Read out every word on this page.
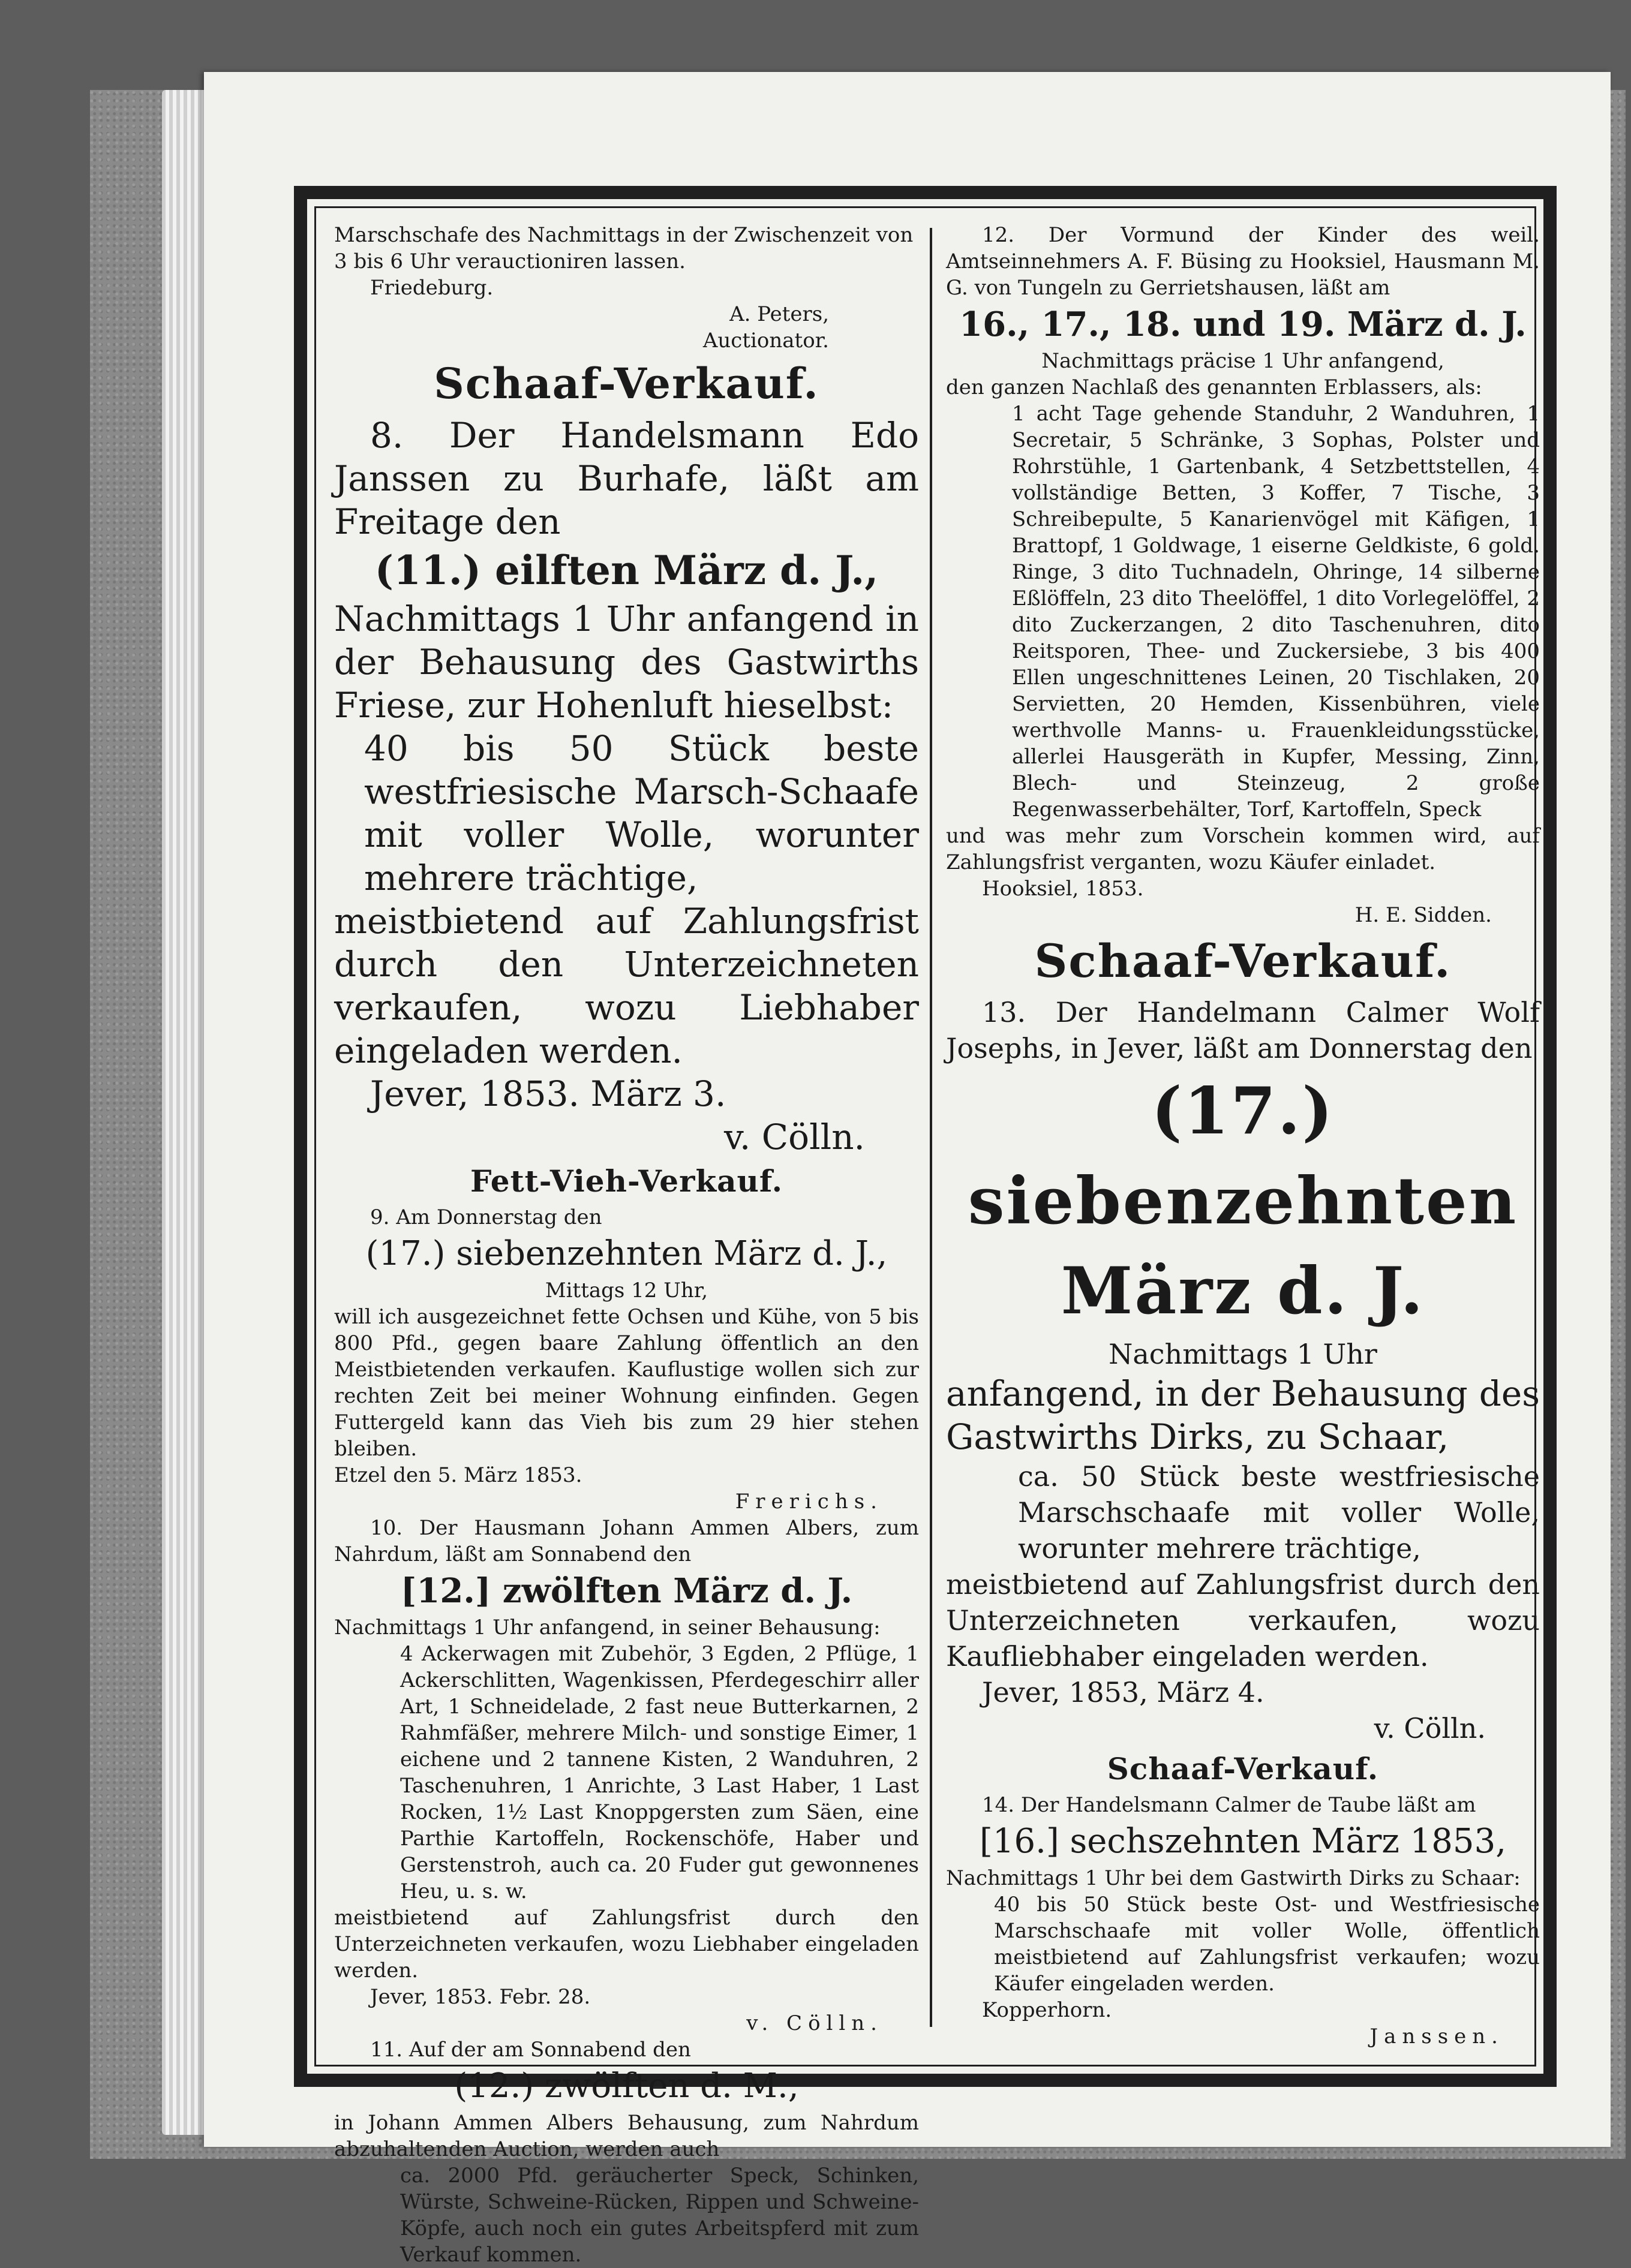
Marschschafe des Nachmittags in der Zwischenzeit von

3 bis 6 Uhr verauctioniren lassen.

Friedeburg.

A. Peters,

Auctionator.

Schaaf-Verkauf.

8. Der Handelsmann Edo Janssen zu Burhafe, läßt am Freitage den

(11.) eilften März d. J.,

Nachmittags 1 Uhr anfangend in der Behausung des Gastwirths Friese, zur Hohenluft hieselbst:

40 bis 50 Stück beste westfriesische Marsch-Schaafe mit voller Wolle, worunter mehrere trächtige,

meistbietend auf Zahlungsfrist durch den Unterzeichneten verkaufen, wozu Liebhaber eingeladen werden.

Jever, 1853. März 3.

v. Cölln.

Fett-Vieh-Verkauf.

9. Am Donnerstag den

(17.) siebenzehnten März d. J.,

Mittags 12 Uhr,

will ich ausgezeichnet fette Ochsen und Kühe, von 5 bis 800 Pfd., gegen baare Zahlung öffentlich an den Meistbietenden verkaufen. Kauflustige wollen sich zur rechten Zeit bei meiner Wohnung einfinden. Gegen Futtergeld kann das Vieh bis zum 29 hier stehen bleiben.

Etzel den 5. März 1853.

Frerichs.

10. Der Hausmann Johann Ammen Albers, zum Nahrdum, läßt am Sonnabend den

[12.] zwölften März d. J.

Nachmittags 1 Uhr anfangend, in seiner Behausung:

4 Ackerwagen mit Zubehör, 3 Egden, 2 Pflüge, 1 Ackerschlitten, Wagenkissen, Pferdegeschirr aller Art, 1 Schneidelade, 2 fast neue Butterkarnen, 2 Rahmfäßer, mehrere Milch- und sonstige Eimer, 1 eichene und 2 tannene Kisten, 2 Wanduhren, 2 Taschenuhren, 1 Anrichte, 3 Last Haber, 1 Last Rocken, 1½ Last Knoppgersten zum Säen, eine Parthie Kartoffeln, Rockenschöfe, Haber und Gerstenstroh, auch ca. 20 Fuder gut gewonnenes Heu, u. s. w.

meistbietend auf Zahlungsfrist durch den Unterzeichneten verkaufen, wozu Liebhaber eingeladen werden.

Jever, 1853. Febr. 28.

v. Cölln.

11. Auf der am Sonnabend den

(12.) zwölften d. M.,

in Johann Ammen Albers Behausung, zum Nahrdum abzuhaltenden Auction, werden auch

ca. 2000 Pfd. geräucherter Speck, Schinken, Würste, Schweine-Rücken, Rippen und Schweine-Köpfe, auch noch ein gutes Arbeitspferd mit zum Verkauf kommen.

12. Der Vormund der Kinder des weil. Amtseinnehmers A. F. Büsing zu Hooksiel, Hausmann M. G. von Tungeln zu Gerrietshausen, läßt am

16., 17., 18. und 19. März d. J.

Nachmittags präcise 1 Uhr anfangend,

den ganzen Nachlaß des genannten Erblassers, als:

1 acht Tage gehende Standuhr, 2 Wanduhren, 1 Secretair, 5 Schränke, 3 Sophas, Polster und Rohrstühle, 1 Gartenbank, 4 Setzbettstellen, 4 vollständige Betten, 3 Koffer, 7 Tische, 3 Schreibepulte, 5 Kanarienvögel mit Käfigen, 1 Brattopf, 1 Goldwage, 1 eiserne Geldkiste, 6 gold. Ringe, 3 dito Tuchnadeln, Ohringe, 14 silberne Eßlöffeln, 23 dito Theelöffel, 1 dito Vorlegelöffel, 2 dito Zuckerzangen, 2 dito Taschenuhren, dito Reitsporen, Thee- und Zuckersiebe, 3 bis 400 Ellen ungeschnittenes Leinen, 20 Tischlaken, 20 Servietten, 20 Hemden, Kissenbühren, viele werthvolle Manns- u. Frauenkleidungsstücke, allerlei Hausgeräth in Kupfer, Messing, Zinn, Blech- und Steinzeug, 2 große Regenwasserbehälter, Torf, Kartoffeln, Speck

und was mehr zum Vorschein kommen wird, auf Zahlungsfrist verganten, wozu Käufer einladet.

Hooksiel, 1853.

H. E. Sidden.

Schaaf-Verkauf.

13. Der Handelmann Calmer Wolf Josephs, in Jever, läßt am Donnerstag den

(17.) siebenzehnten

März d. J.

Nachmittags 1 Uhr

anfangend, in der Behausung des Gastwirths Dirks, zu Schaar,

ca. 50 Stück beste westfriesische Marschschaafe mit voller Wolle, worunter mehrere trächtige,

meistbietend auf Zahlungsfrist durch den Unterzeichneten verkaufen, wozu Kaufliebhaber eingeladen werden.

Jever, 1853, März 4.

v. Cölln.

Schaaf-Verkauf.

14. Der Handelsmann Calmer de Taube läßt am

[16.] sechszehnten März 1853,

Nachmittags 1 Uhr bei dem Gastwirth Dirks zu Schaar:

40 bis 50 Stück beste Ost- und Westfriesische Marschschaafe mit voller Wolle, öffentlich meistbietend auf Zahlungsfrist verkaufen; wozu Käufer eingeladen werden.

Kopperhorn.

Janssen.
